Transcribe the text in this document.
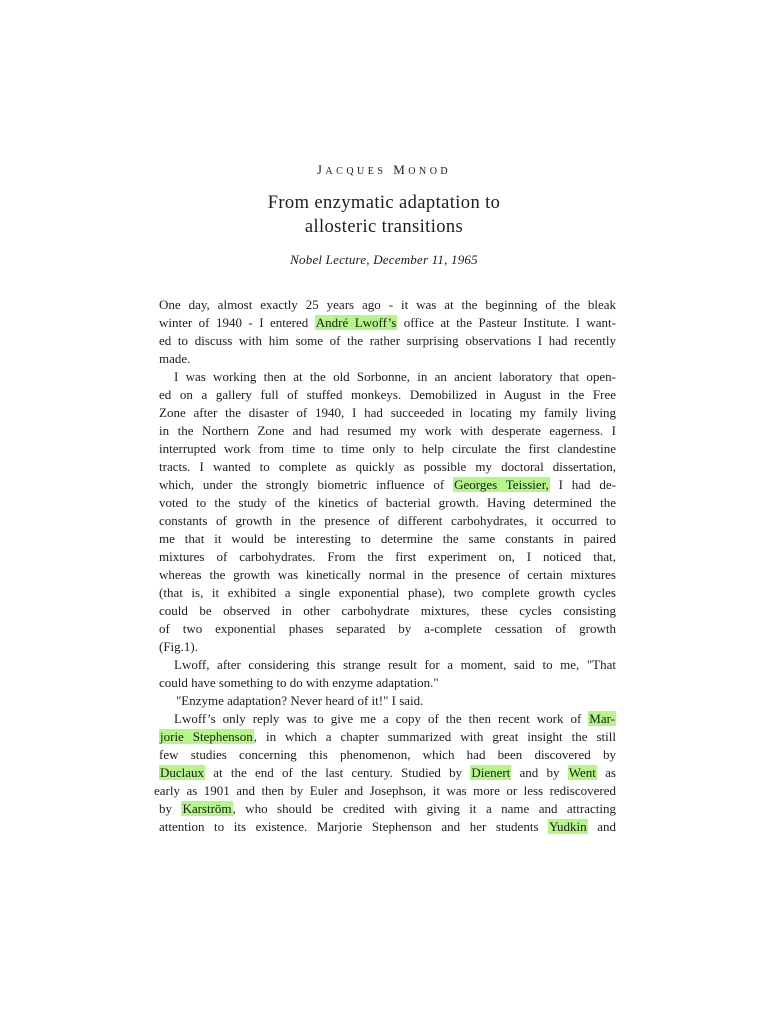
JACQUES MONOD
From enzymatic adaptation to
allosteric transitions
Nobel Lecture, December 11, 1965
One day, almost exactly 25 years ago - it was at the beginning of the bleak
winter of 1940 - I entered André Lwoff’s office at the Pasteur Institute. I want-
ed to discuss with him some of the rather surprising observations I had recently
made.
I was working then at the old Sorbonne, in an ancient laboratory that open-
ed on a gallery full of stuffed monkeys. Demobilized in August in the Free
Zone after the disaster of 1940, I had succeeded in locating my family living
in the Northern Zone and had resumed my work with desperate eagerness. I
interrupted work from time to time only to help circulate the first clandestine
tracts. I wanted to complete as quickly as possible my doctoral dissertation,
which, under the strongly biometric influence of Georges Teissier, I had de-
voted to the study of the kinetics of bacterial growth. Having determined the
constants of growth in the presence of different carbohydrates, it occurred to
me that it would be interesting to determine the same constants in paired
mixtures of carbohydrates. From the first experiment on, I noticed that,
whereas the growth was kinetically normal in the presence of certain mixtures
(that is, it exhibited a single exponential phase), two complete growth cycles
could be observed in other carbohydrate mixtures, these cycles consisting
of two exponential phases separated by a-complete cessation of growth
(Fig.1).
Lwoff, after considering this strange result for a moment, said to me, "That
could have something to do with enzyme adaptation."
"Enzyme adaptation? Never heard of it!" I said.
Lwoff’s only reply was to give me a copy of the then recent work of Mar-
jorie Stephenson, in which a chapter summarized with great insight the still
few studies concerning this phenomenon, which had been discovered by
Duclaux at the end of the last century. Studied by Dienert and by Went as
early as 1901 and then by Euler and Josephson, it was more or less rediscovered
by Karström, who should be credited with giving it a name and attracting
attention to its existence. Marjorie Stephenson and her students Yudkin and
